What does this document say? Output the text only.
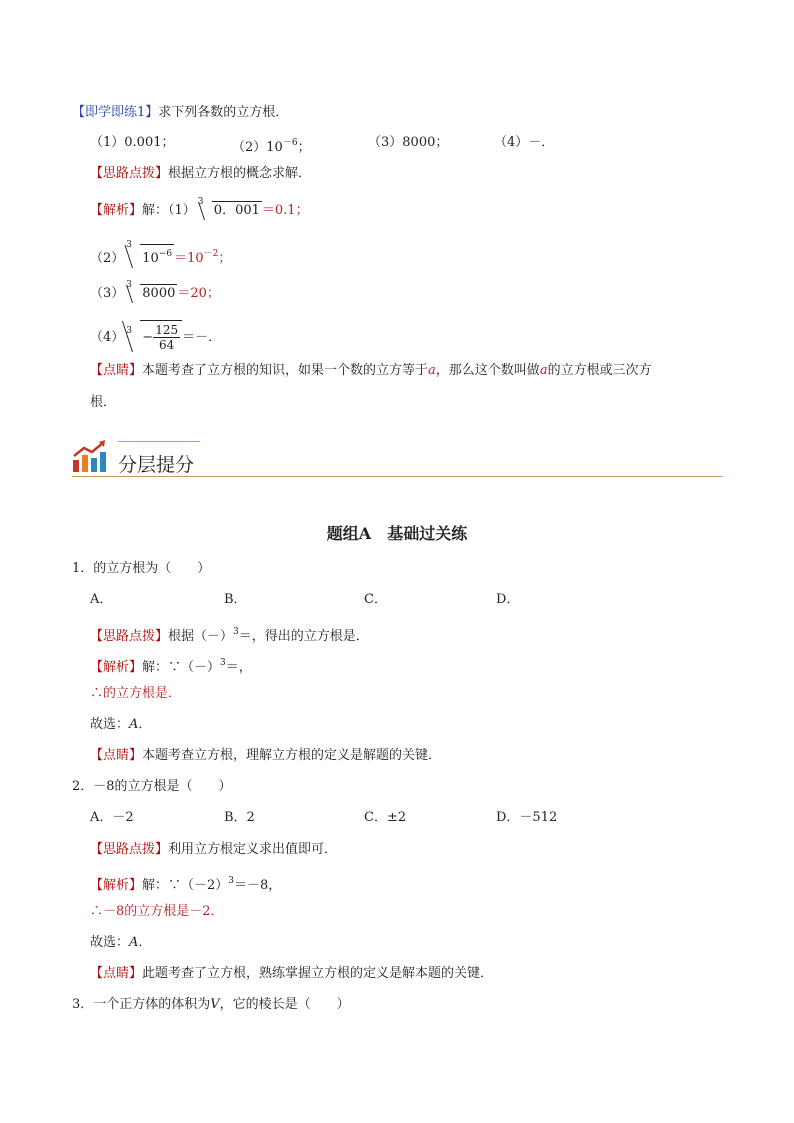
【即学即练1】求下列各数的立方根．
（1）0.001；	$(2)10^{-6}$；	（3）8000；	（4）－．
【思路点拨】根据立方根的概念求解．
【解析】解：（1）
3
0．001 ＝0.1；
（2）
3
$10^{-6} =10^{-2}$；
（3）
3
8000 ＝20；
（4） $3 - \frac{125}{64}$ ＝－．
【点睛】本题考查了立方根的知识，如果一个数的立方等于a，那么这个数叫做a的立方根或三次方
根．
分层提分
题组A　基础过关练
1．的立方根为（　　）
A．	B．	C．	D．
【思路点拨】根据$(-)^3=$，得出的立方根是．
【解析】解：$\because(-)^3=$，
∴的立方根是．
故选：A．
【点睛】本题考查立方根，理解立方根的定义是解题的关键．
2．－8的立方根是（　　）
A．－2	B．2	C．±2	D．－512
【思路点拨】利用立方根定义求出值即可．
【解析】解：$\because(-2)^3=-8$，
∴－8的立方根是－2．
故选：A．
【点睛】此题考查了立方根，熟练掌握立方根的定义是解本题的关键．
3．一个正方体的体积为V，它的棱长是（　　）
